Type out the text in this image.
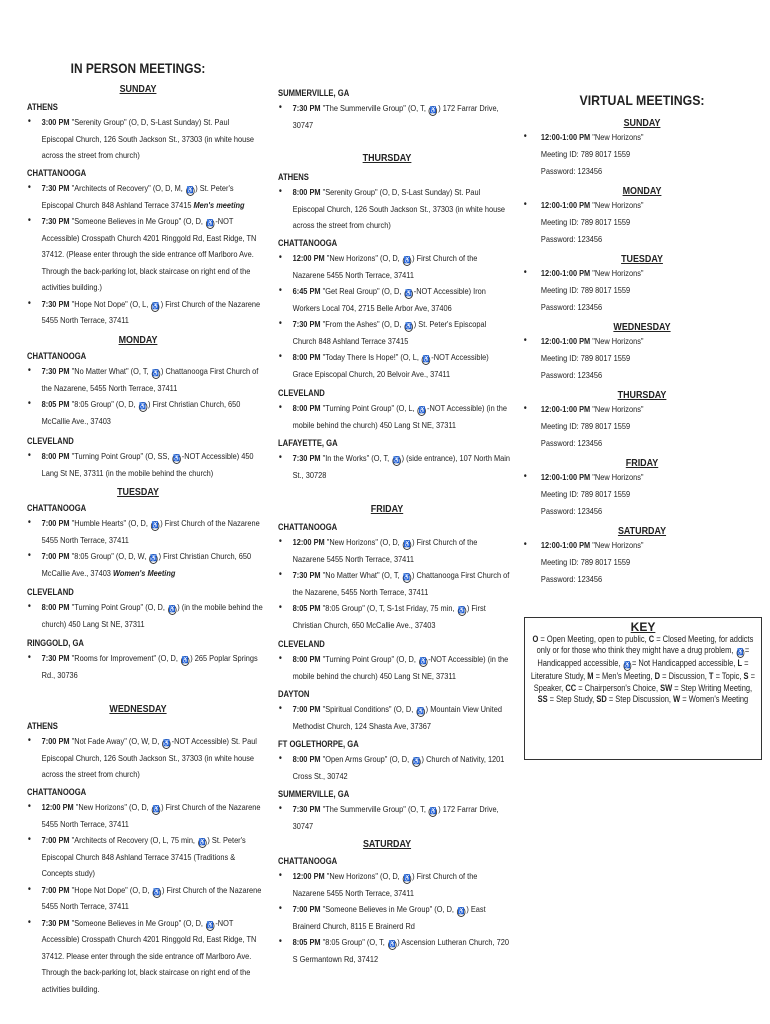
IN PERSON MEETINGS:

SUNDAY

ATHENS

• 3:00 PM "Serenity Group" (O, D, S-Last Sunday) St. Paul Episcopal Church, 126 South Jackson St., 37303 (in white house across the street from church)

CHATTANOOGA

• 7:30 PM "Architects of Recovery" (O, D, M, ♿ ) St. Peter's Episcopal Church 848 Ashland Terrace 37415 Men's meeting
• 7:30 PM "Someone Believes in Me Group" (O, D, ♿ -NOT Accessible) Crosspath Church 4201 Ringgold Rd, East Ridge, TN 37412. (Please enter through the side entrance off Marlboro Ave. Through the back-parking lot, black staircase on right end of the activities building.)
• 7:30 PM "Hope Not Dope" (O, L, ♿ ) First Church of the Nazarene 5455 North Terrace, 37411

MONDAY

CHATTANOOGA

• 7:30 PM "No Matter What" (O, T, ♿ ) Chattanooga First Church of the Nazarene, 5455 North Terrace, 37411
• 8:05 PM "8:05 Group" (O, D, ♿ ) First Christian Church, 650 McCallie Ave., 37403

CLEVELAND

• 8:00 PM "Turning Point Group" (O, SS, ♿ -NOT Accessible) 450 Lang St NE, 37311 (in the mobile behind the church)

TUESDAY

CHATTANOOGA

• 7:00 PM "Humble Hearts" (O, D, ♿ ) First Church of the Nazarene 5455 North Terrace, 37411
• 7:00 PM "8:05 Group" (O, D, W, ♿ ) First Christian Church, 650 McCallie Ave., 37403 Women's Meeting

CLEVELAND

• 8:00 PM "Turning Point Group" (O, D, ♿ ) (in the mobile behind the church) 450 Lang St NE, 37311

RINGGOLD, GA

• 7:30 PM "Rooms for Improvement" (O, D, ♿ ) 265 Poplar Springs Rd., 30736

WEDNESDAY

ATHENS

• 7:00 PM "Not Fade Away" (O, W, D, ♿ -NOT Accessible) St. Paul Episcopal Church, 126 South Jackson St., 37303 (in white house across the street from church)

CHATTANOOGA

• 12:00 PM "New Horizons" (O, D, ♿ ) First Church of the Nazarene 5455 North Terrace, 37411
• 7:00 PM "Architects of Recovery (O, L, 75 min, ♿ ) St. Peter's Episcopal Church 848 Ashland Terrace 37415 (Traditions & Concepts study)
• 7:00 PM "Hope Not Dope" (O, D, ♿ ) First Church of the Nazarene 5455 North Terrace, 37411
• 7:30 PM "Someone Believes in Me Group" (O, D, ♿ -NOT Accessible) Crosspath Church 4201 Ringgold Rd, East Ridge, TN 37412. Please enter through the side entrance off Marlboro Ave. Through the back-parking lot, black staircase on right end of the activities building.

SUMMERVILLE, GA

• 7:30 PM "The Summerville Group" (O, T, ♿ ) 172 Farrar Drive, 30747

THURSDAY

ATHENS

• 8:00 PM "Serenity Group" (O, D, S-Last Sunday) St. Paul Episcopal Church, 126 South Jackson St., 37303 (in white house across the street from church)

CHATTANOOGA

• 12:00 PM "New Horizons" (O, D, ♿ ) First Church of the Nazarene 5455 North Terrace, 37411
• 6:45 PM "Get Real Group" (O, D, ♿ -NOT Accessible) Iron Workers Local 704, 2715 Belle Arbor Ave, 37406
• 7:30 PM "From the Ashes" (O, D, ♿ ) St. Peter's Episcopal Church 848 Ashland Terrace 37415
• 8:00 PM "Today There Is Hope!" (O, L, ♿ -NOT Accessible) Grace Episcopal Church, 20 Belvoir Ave., 37411

CLEVELAND

• 8:00 PM "Turning Point Group" (O, L, ♿ -NOT Accessible) (in the mobile behind the church) 450 Lang St NE, 37311

LAFAYETTE, GA

• 7:30 PM "In the Works" (O, T, ♿ ) (side entrance), 107 North Main St., 30728

FRIDAY

CHATTANOOGA

• 12:00 PM "New Horizons" (O, D, ♿ ) First Church of the Nazarene 5455 North Terrace, 37411
• 7:30 PM "No Matter What" (O, T, ♿ ) Chattanooga First Church of the Nazarene, 5455 North Terrace, 37411
• 8:05 PM "8:05 Group" (O, T, S-1st Friday, 75 min, ♿ ) First Christian Church, 650 McCallie Ave., 37403

CLEVELAND

• 8:00 PM "Turning Point Group" (O, D, ♿ -NOT Accessible) (in the mobile behind the church) 450 Lang St NE, 37311

DAYTON

• 7:00 PM "Spiritual Conditions" (O, D, ♿ ) Mountain View United Methodist Church, 124 Shasta Ave, 37367

FT OGLETHORPE, GA

• 8:00 PM "Open Arms Group" (O, D, ♿ ) Church of Nativity, 1201 Cross St., 30742

SUMMERVILLE, GA

• 7:30 PM "The Summerville Group" (O, T, ♿ ) 172 Farrar Drive, 30747

SATURDAY

CHATTANOOGA

• 12:00 PM "New Horizons" (O, D, ♿ ) First Church of the Nazarene 5455 North Terrace, 37411
• 7:00 PM "Someone Believes in Me Group" (O, D, ♿ ) East Brainerd Church, 8115 E Brainerd Rd
• 8:05 PM "8:05 Group" (O, T, ♿ ) Ascension Lutheran Church, 720 S Germantown Rd, 37412

VIRTUAL MEETINGS:

SUNDAY

• 12:00-1:00 PM "New Horizons"
Meeting ID: 789 8017 1559
Password: 123456

MONDAY

• 12:00-1:00 PM "New Horizons"
Meeting ID: 789 8017 1559
Password: 123456

TUESDAY

• 12:00-1:00 PM "New Horizons"
Meeting ID: 789 8017 1559
Password: 123456

WEDNESDAY

• 12:00-1:00 PM "New Horizons"
Meeting ID: 789 8017 1559
Password: 123456

THURSDAY

• 12:00-1:00 PM "New Horizons"
Meeting ID: 789 8017 1559
Password: 123456

FRIDAY

• 12:00-1:00 PM "New Horizons"
Meeting ID: 789 8017 1559
Password: 123456

SATURDAY

• 12:00-1:00 PM "New Horizons"
Meeting ID: 789 8017 1559
Password: 123456

KEY

O = Open Meeting, open to public, C = Closed Meeting, for addicts only or for those who think they might have a drug problem, ♿= Handicapped accessible, ♿= Not Handicapped accessible, L = Literature Study, M = Men's Meeting, D = Discussion, T = Topic, S = Speaker, CC = Chairperson's Choice, SW = Step Writing Meeting, SS = Step Study, SD = Step Discussion, W = Women's Meeting
